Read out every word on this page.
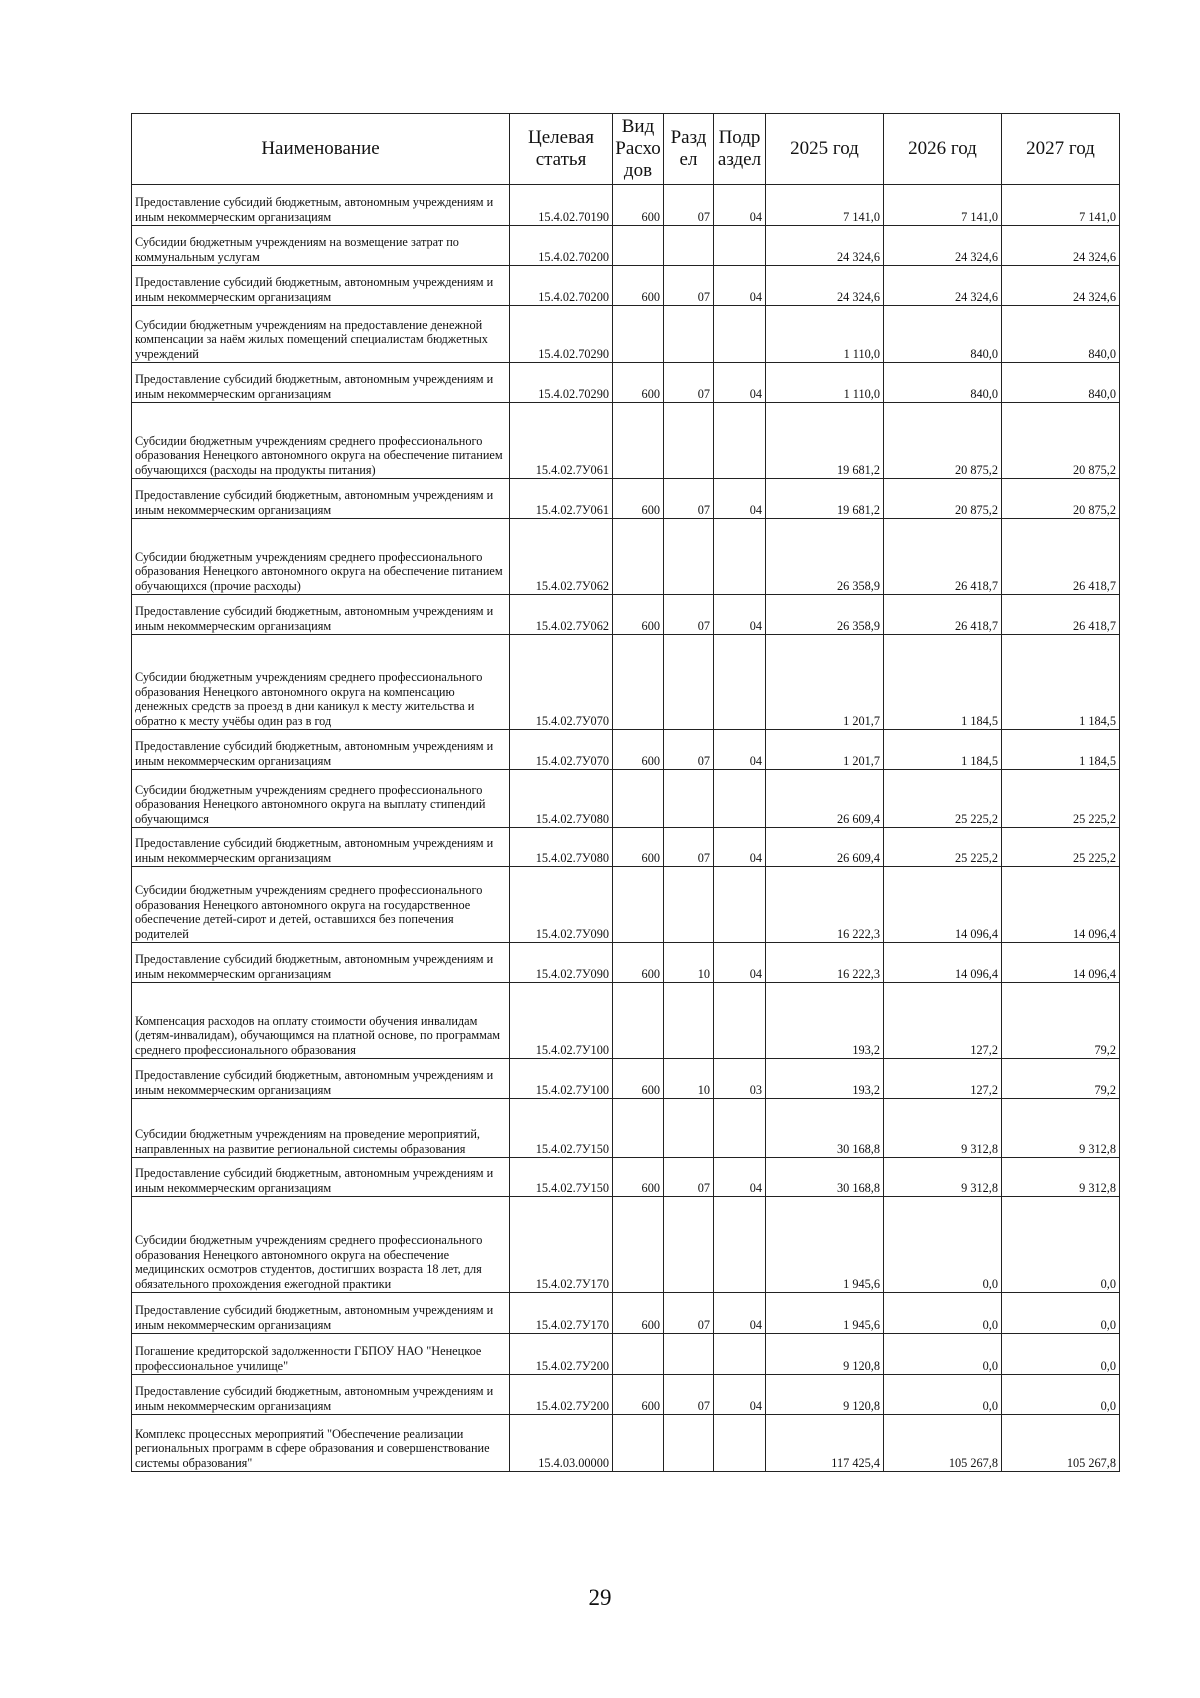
Наименование	Целевая статья	Вид Расхо дов	Разд ел	Подр аздел	2025 год	2026 год	2027 год
Предоставление субсидий бюджетным, автономным учреждениям и иным некоммерческим организациям	15.4.02.70190	600	07	04	7 141,0	7 141,0	7 141,0
Субсидии бюджетным учреждениям на возмещение затрат по коммунальным услугам	15.4.02.70200				24 324,6	24 324,6	24 324,6
Предоставление субсидий бюджетным, автономным учреждениям и иным некоммерческим организациям	15.4.02.70200	600	07	04	24 324,6	24 324,6	24 324,6
Субсидии бюджетным учреждениям на предоставление денежной компенсации за наём жилых помещений специалистам бюджетных учреждений	15.4.02.70290				1 110,0	840,0	840,0
Предоставление субсидий бюджетным, автономным учреждениям и иным некоммерческим организациям	15.4.02.70290	600	07	04	1 110,0	840,0	840,0
Субсидии бюджетным учреждениям среднего профессионального образования Ненецкого автономного округа на обеспечение питанием обучающихся (расходы на продукты питания)	15.4.02.7У061				19 681,2	20 875,2	20 875,2
Предоставление субсидий бюджетным, автономным учреждениям и иным некоммерческим организациям	15.4.02.7У061	600	07	04	19 681,2	20 875,2	20 875,2
Субсидии бюджетным учреждениям среднего профессионального образования Ненецкого автономного округа на обеспечение питанием обучающихся (прочие расходы)	15.4.02.7У062				26 358,9	26 418,7	26 418,7
Предоставление субсидий бюджетным, автономным учреждениям и иным некоммерческим организациям	15.4.02.7У062	600	07	04	26 358,9	26 418,7	26 418,7
Субсидии бюджетным учреждениям среднего профессионального образования Ненецкого автономного округа на компенсацию денежных средств за проезд в дни каникул к месту жительства и обратно к месту учёбы один раз в год	15.4.02.7У070				1 201,7	1 184,5	1 184,5
Предоставление субсидий бюджетным, автономным учреждениям и иным некоммерческим организациям	15.4.02.7У070	600	07	04	1 201,7	1 184,5	1 184,5
Субсидии бюджетным учреждениям среднего профессионального образования Ненецкого автономного округа на выплату стипендий обучающимся	15.4.02.7У080				26 609,4	25 225,2	25 225,2
Предоставление субсидий бюджетным, автономным учреждениям и иным некоммерческим организациям	15.4.02.7У080	600	07	04	26 609,4	25 225,2	25 225,2
Субсидии бюджетным учреждениям среднего профессионального образования Ненецкого автономного округа на государственное обеспечение детей-сирот и детей, оставшихся без попечения родителей	15.4.02.7У090				16 222,3	14 096,4	14 096,4
Предоставление субсидий бюджетным, автономным учреждениям и иным некоммерческим организациям	15.4.02.7У090	600	10	04	16 222,3	14 096,4	14 096,4
Компенсация расходов на оплату стоимости обучения инвалидам (детям-инвалидам), обучающимся на платной основе, по программам среднего профессионального образования	15.4.02.7У100				193,2	127,2	79,2
Предоставление субсидий бюджетным, автономным учреждениям и иным некоммерческим организациям	15.4.02.7У100	600	10	03	193,2	127,2	79,2
Субсидии бюджетным учреждениям на проведение мероприятий, направленных на развитие региональной системы образования	15.4.02.7У150				30 168,8	9 312,8	9 312,8
Предоставление субсидий бюджетным, автономным учреждениям и иным некоммерческим организациям	15.4.02.7У150	600	07	04	30 168,8	9 312,8	9 312,8
Субсидии бюджетным учреждениям среднего профессионального образования Ненецкого автономного округа на обеспечение медицинских осмотров студентов, достигших возраста 18 лет, для обязательного прохождения ежегодной практики	15.4.02.7У170				1 945,6	0,0	0,0
Предоставление субсидий бюджетным, автономным учреждениям и иным некоммерческим организациям	15.4.02.7У170	600	07	04	1 945,6	0,0	0,0
Погашение кредиторской задолженности ГБПОУ НАО "Ненецкое профессиональное училище"	15.4.02.7У200				9 120,8	0,0	0,0
Предоставление субсидий бюджетным, автономным учреждениям и иным некоммерческим организациям	15.4.02.7У200	600	07	04	9 120,8	0,0	0,0
Комплекс процессных мероприятий "Обеспечение реализации региональных программ в сфере образования и совершенствование системы образования"	15.4.03.00000				117 425,4	105 267,8	105 267,8
29
